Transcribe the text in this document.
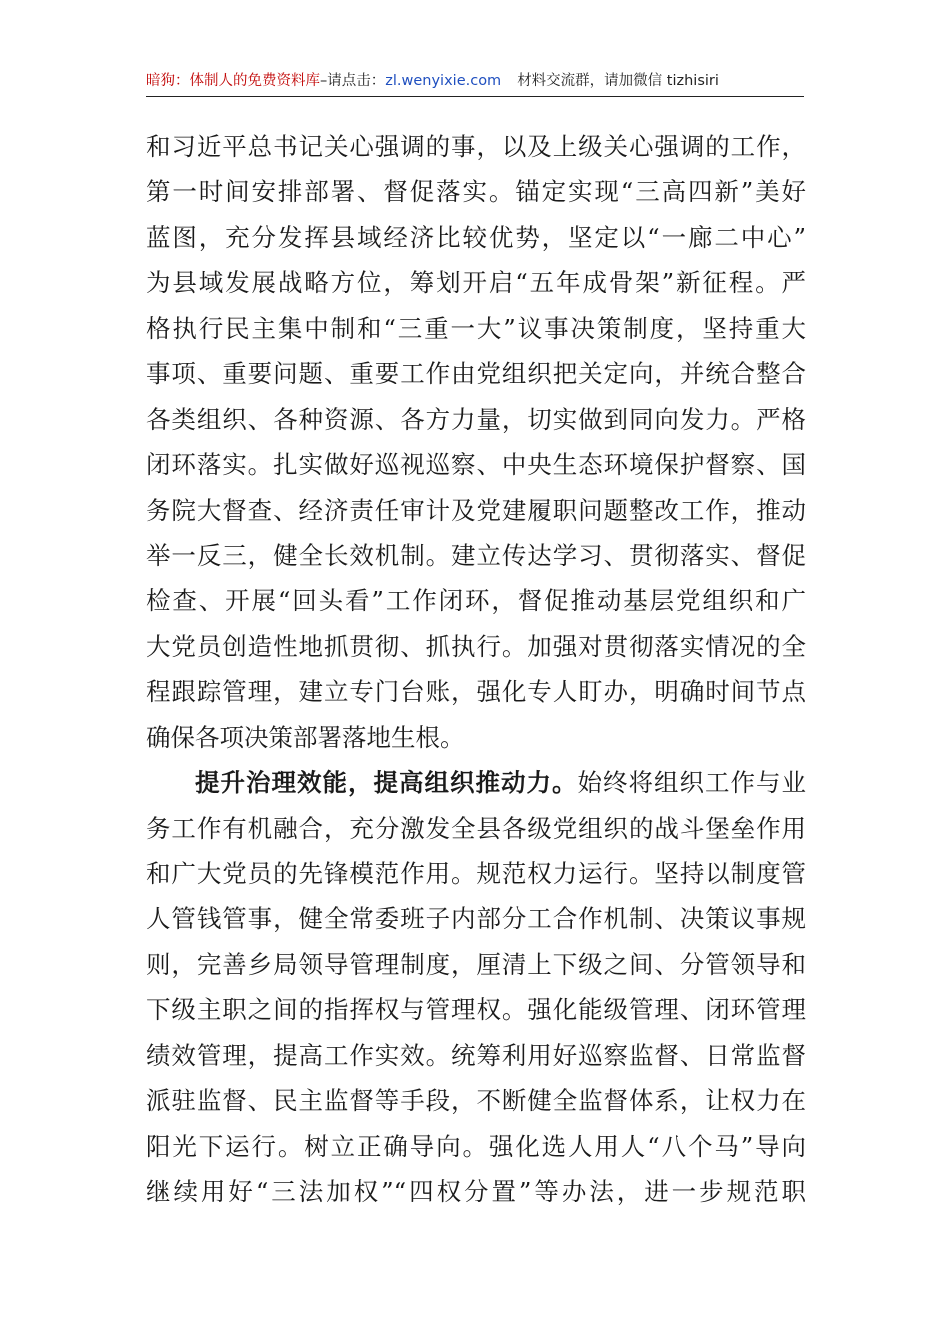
暗狗：体制人的免费资料库–请点击：zl.wenyixie.com 材料交流群，请加微信 tizhisiri
和习近平总书记关心强调的事，以及上级关心强调的工作，
第一时间安排部署、督促落实。锚定实现“三高四新”美好
蓝图，充分发挥县域经济比较优势，坚定以“一廊二中心”
为县域发展战略方位，筹划开启“五年成骨架”新征程。严
格执行民主集中制和“三重一大”议事决策制度，坚持重大
事项、重要问题、重要工作由党组织把关定向，并统合整合
各类组织、各种资源、各方力量，切实做到同向发力。严格
闭环落实。扎实做好巡视巡察、中央生态环境保护督察、国
务院大督查、经济责任审计及党建履职问题整改工作，推动
举一反三，健全长效机制。建立传达学习、贯彻落实、督促
检查、开展“回头看”工作闭环，督促推动基层党组织和广
大党员创造性地抓贯彻、抓执行。加强对贯彻落实情况的全
程跟踪管理，建立专门台账，强化专人盯办，明确时间节点
确保各项决策部署落地生根。
提升治理效能，提高组织推动力。始终将组织工作与业
务工作有机融合，充分激发全县各级党组织的战斗堡垒作用
和广大党员的先锋模范作用。规范权力运行。坚持以制度管
人管钱管事，健全常委班子内部分工合作机制、决策议事规
则，完善乡局领导管理制度，厘清上下级之间、分管领导和
下级主职之间的指挥权与管理权。强化能级管理、闭环管理
绩效管理，提高工作实效。统筹利用好巡察监督、日常监督
派驻监督、民主监督等手段，不断健全监督体系，让权力在
阳光下运行。树立正确导向。强化选人用人“八个马”导向
继续用好“三法加权”“四权分置”等办法，进一步规范职
